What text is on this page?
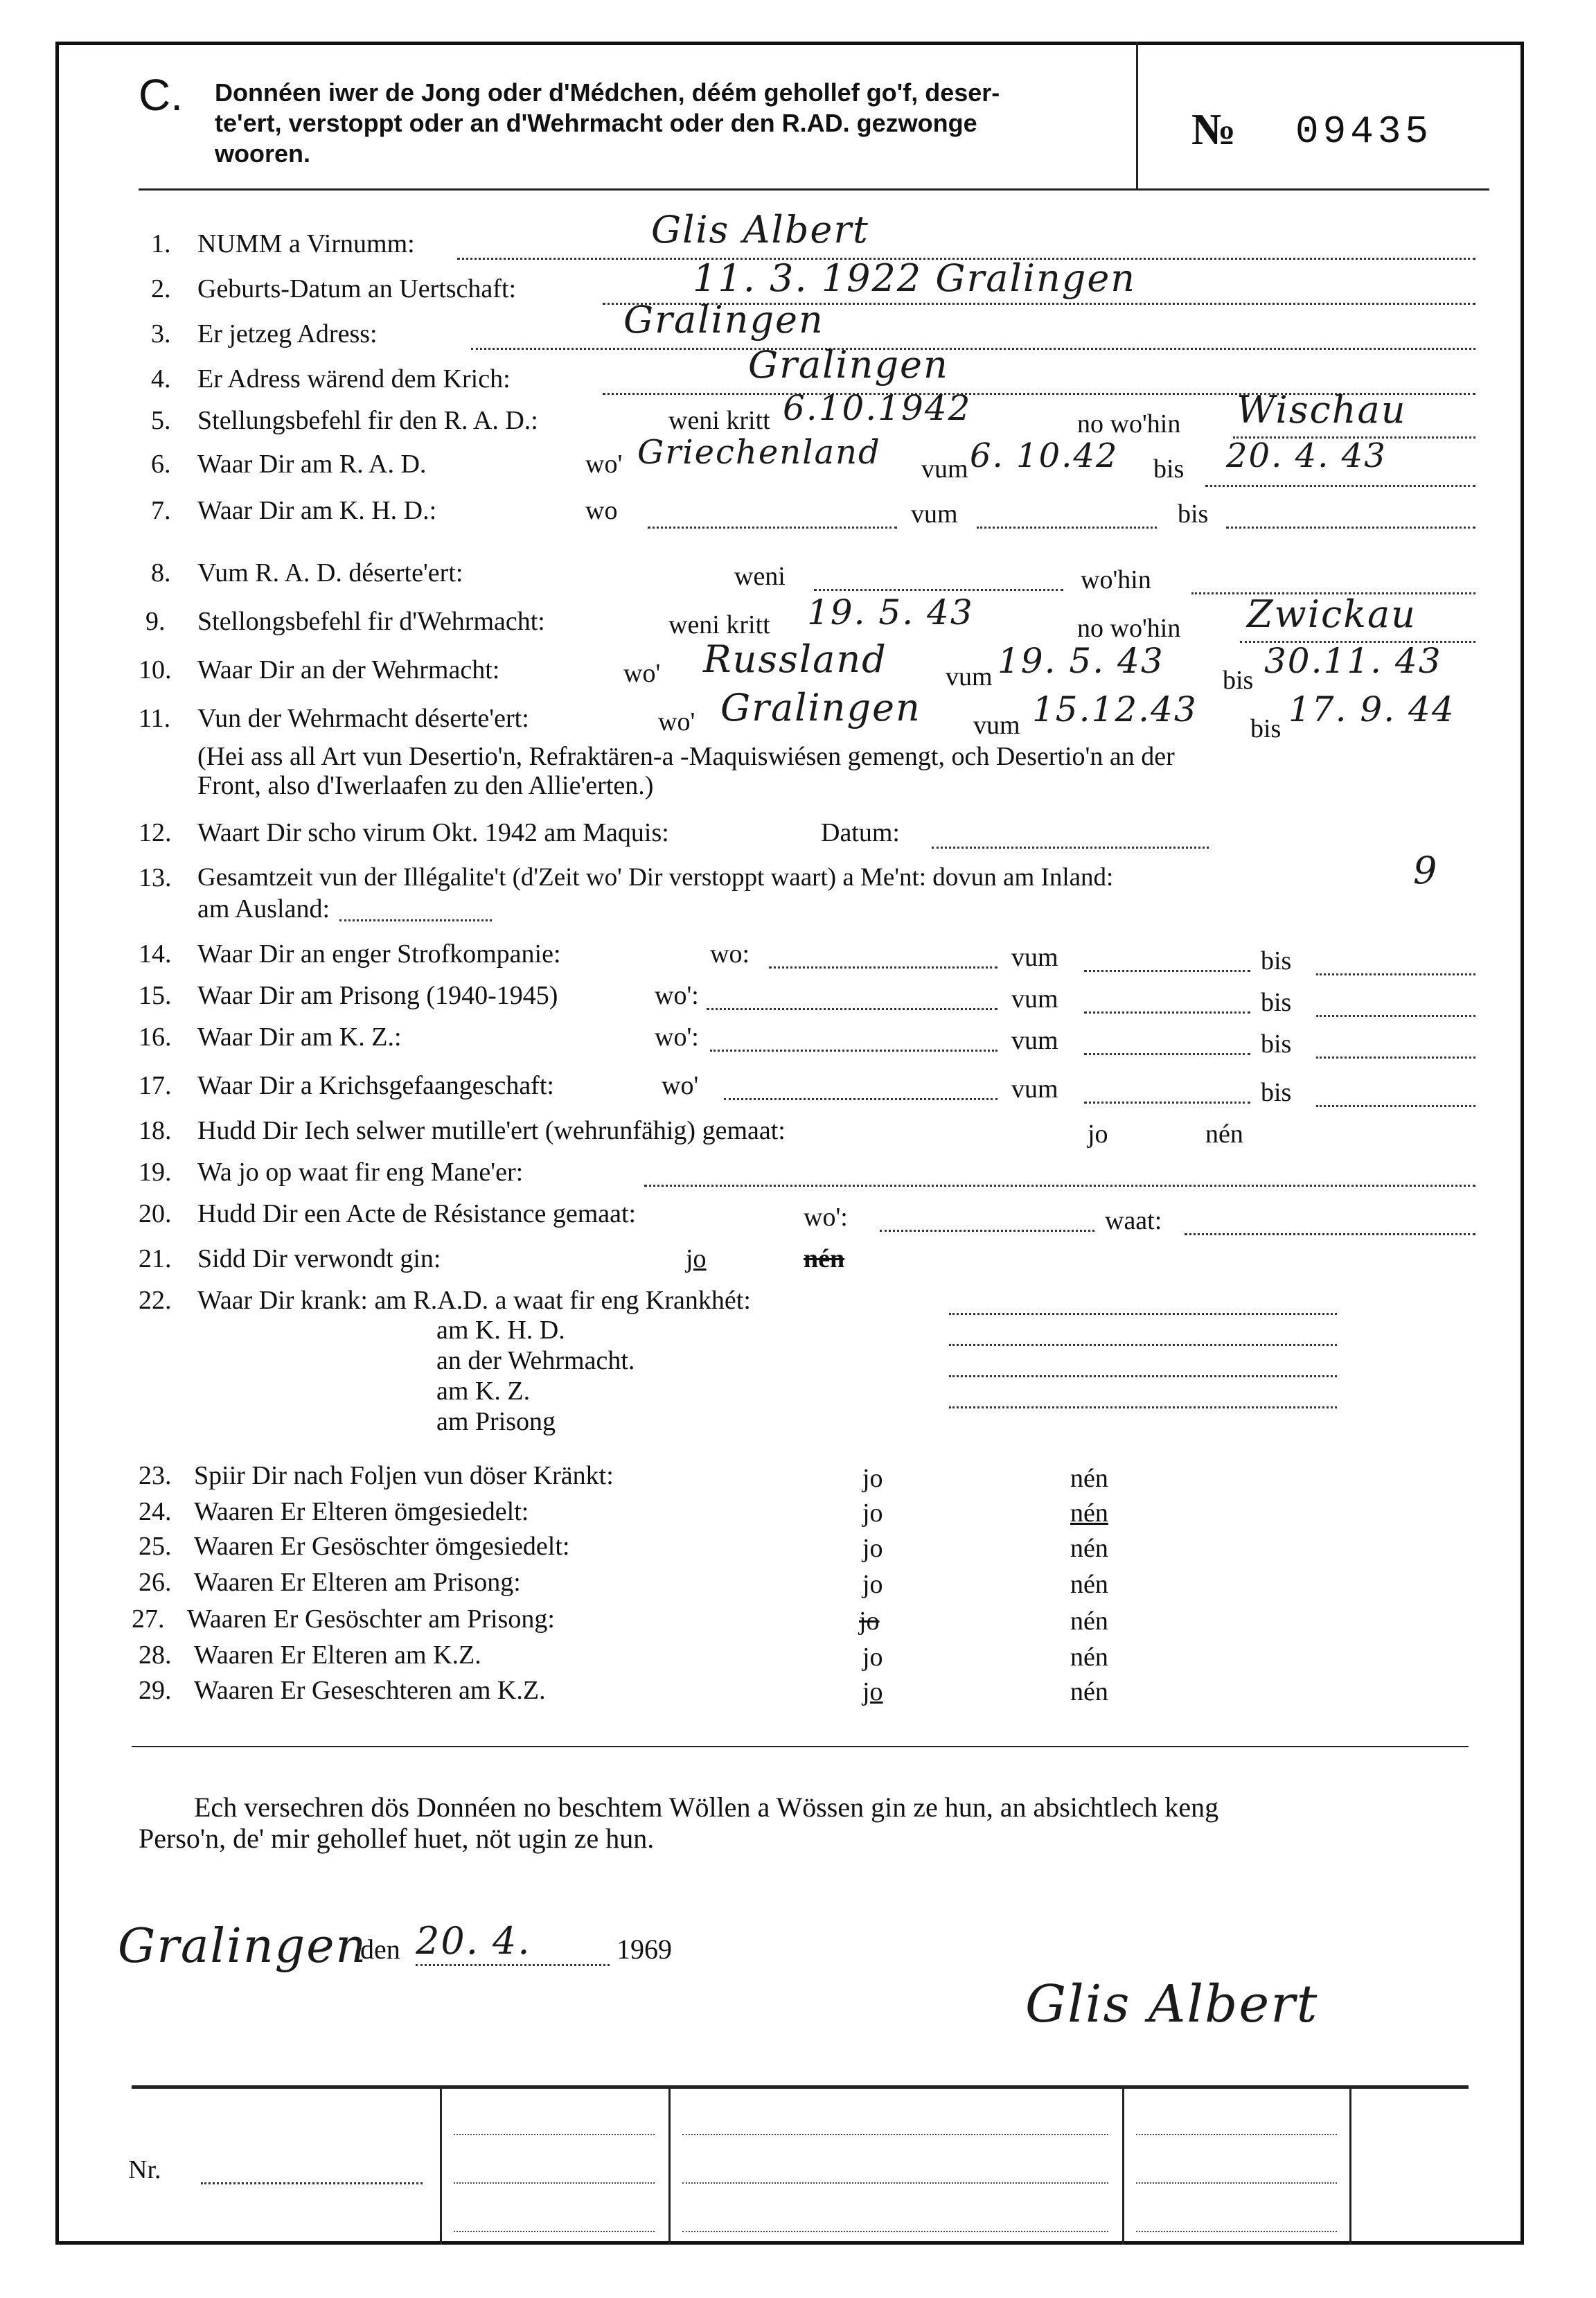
C. Donnéen iwer de Jong oder d'Médchen, déém gehollef go'f, deser-
te'ert, verstoppt oder an d'Wehrmacht oder den R.AD. gezwonge
wooren.	№ 09435
1. NUMM a Virnumm:	Glis Albert
2. Geburts-Datum an Uertschaft:	11. 3. 1922 Gralingen
3. Er jetzeg Adress:	Gralingen
4. Er Adress wärend dem Krich:	Gralingen
5. Stellungsbefehl fir den R. A. D.:	weni kritt 6.10.1942	no wo'hin Wischau
6. Waar Dir am R. A. D.	wo' Griechenland vum 6. 10.42 bis 20. 4. 43
7. Waar Dir am K. H. D.:	wo	vum	bis
8. Vum R. A. D. déserte'ert:	weni	wo'hin
9. Stellongsbefehl fir d'Wehrmacht:	weni kritt 19. 5. 43	no wo'hin Zwickau
10. Waar Dir an der Wehrmacht:	wo' Russland vum 19. 5. 43 bis 30.11. 43
11. Vun der Wehrmacht déserte'ert:	wo' Gralingen vum 15.12.43 bis 17. 9. 44
(Hei ass all Art vun Desertio'n, Refraktären-a -Maquiswiésen gemengt, och Desertio'n an der
Front, also d'Iwerlaafen zu den Allie'erten.)
12. Waart Dir scho virum Okt. 1942 am Maquis:	Datum:
13. Gesamtzeit vun der Illégalite't (d'Zeit wo' Dir verstoppt waart) a Me'nt: dovun am Inland:	9
am Ausland:
14. Waar Dir an enger Strofkompanie:	wo:	vum	bis
15. Waar Dir am Prisong (1940-1945)	wo':	vum	bis
16. Waar Dir am K. Z.:	wo':	vum	bis
17. Waar Dir a Krichsgefaangeschaft:	wo'	vum	bis
18. Hudd Dir Iech selwer mutille'ert (wehrunfähig) gemaat:	jo	nén
19. Wa jo op waat fir eng Mane'er:
20. Hudd Dir een Acte de Résistance gemaat:	wo':	waat:
21. Sidd Dir verwondt gin:	jo	nén
22. Waar Dir krank: am R.A.D. a waat fir eng Krankhét:
am K. H. D.
an der Wehrmacht.
am K. Z.
am Prisong
23. Spiir Dir nach Foljen vun döser Kränkt:	jo	nén
24. Waaren Er Elteren ömgesiedelt:	jo	nén
25. Waaren Er Gesöschter ömgesiedelt:	jo	nén
26. Waaren Er Elteren am Prisong:	jo	nén
27. Waaren Er Gesöschter am Prisong:	jo	nén
28. Waaren Er Elteren am K.Z.	jo	nén
29. Waaren Er Geseschteren am K.Z.	jo	nén
Ech versechren dös Donnéen no beschtem Wöllen a Wössen gin ze hun, an absichtlech keng
Perso'n, de' mir gehollef huet, nöt ugin ze hun.
Gralingen
den 20. 4.	1969
Glis Albert
Nr.
